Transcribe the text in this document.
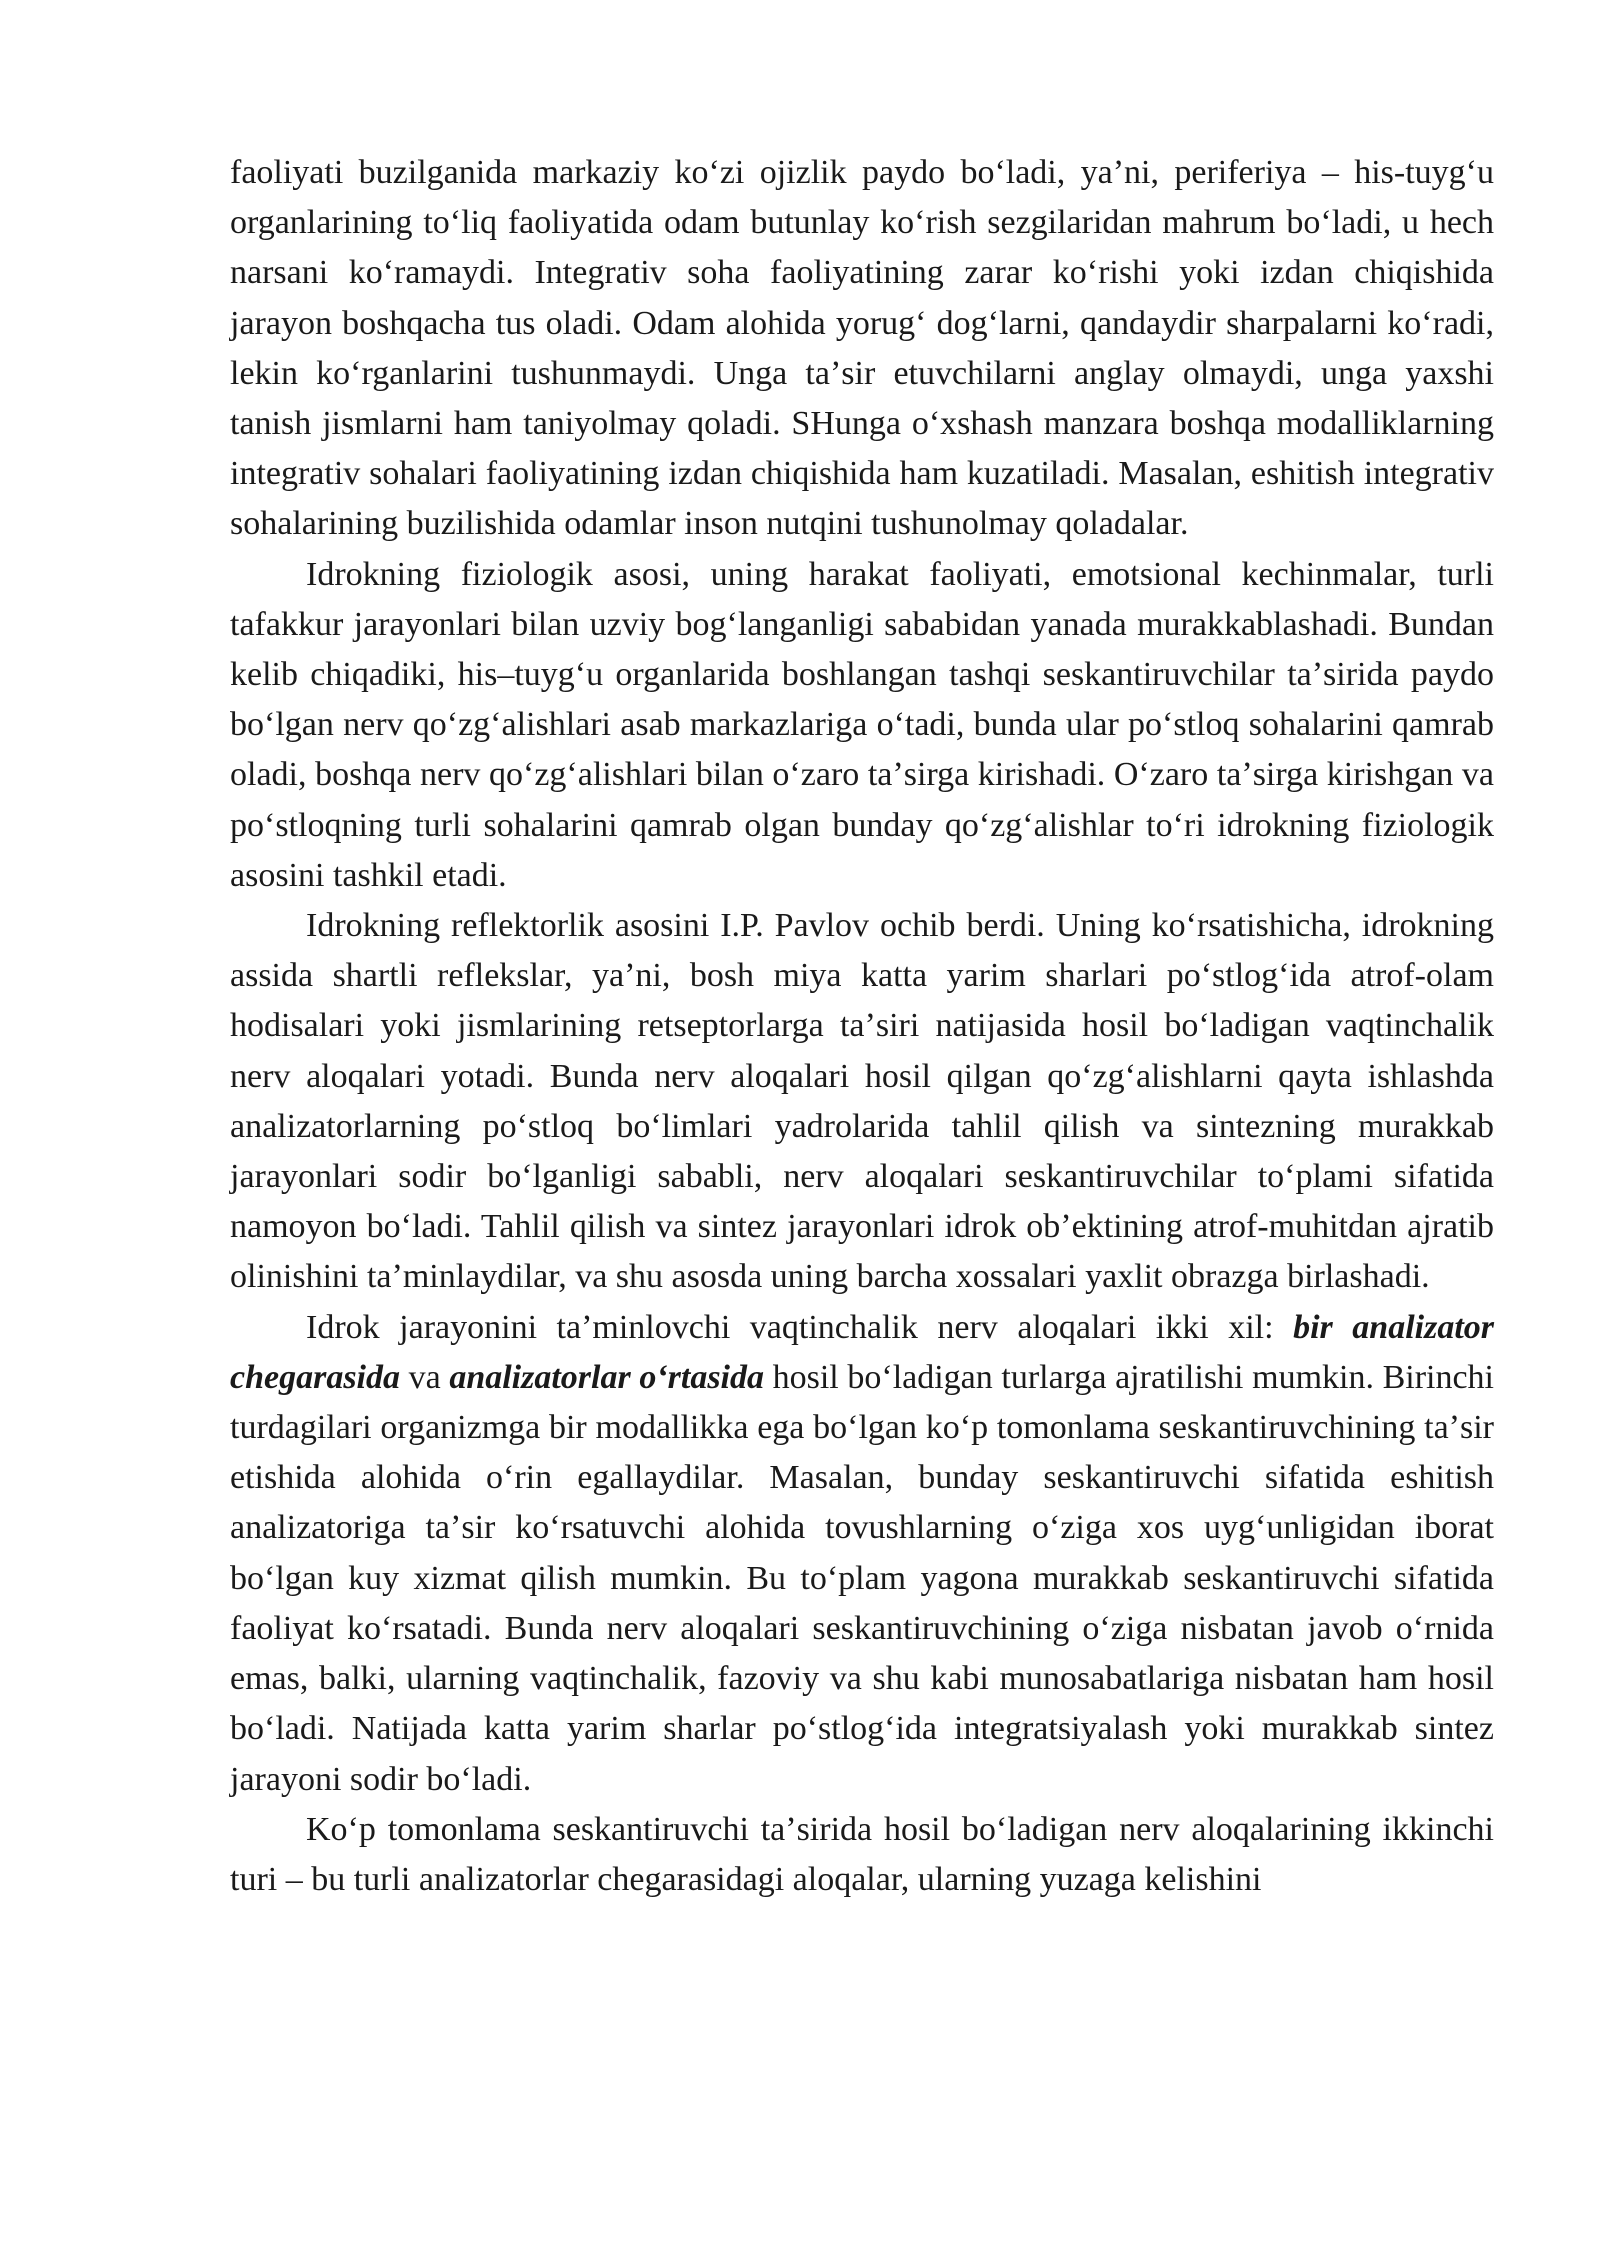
faoliyati buzilganida markaziy koʻzi ojizlik paydo boʻladi, yaʼni, periferiya – his-tuygʻu organlarining toʻliq faoliyatida odam butunlay koʻrish sezgilaridan mahrum boʻladi, u hech narsani koʻramaydi. Integrativ soha faoliyatining zarar koʻrishi yoki izdan chiqishida jarayon boshqacha tus oladi. Odam alohida yorugʻ dogʻlarni, qandaydir sharpalarni koʻradi, lekin koʻrganlarini tushunmaydi. Unga taʼsir etuvchilarni anglay olmaydi, unga yaxshi tanish jismlarni ham taniyolmay qoladi. SHunga oʻxshash manzara boshqa modalliklarning integrativ sohalari faoliyatining izdan chiqishida ham kuzatiladi. Masalan, eshitish integrativ sohalarining buzilishida odamlar inson nutqini tushunolmay qoladalar.

Idrokning fiziologik asosi, uning harakat faoliyati, emotsional kechinmalar, turli tafakkur jarayonlari bilan uzviy bogʻlanganligi sababidan yanada murakkablashadi. Bundan kelib chiqadiki, his–tuygʻu organlarida boshlangan tashqi seskantiruvchilar taʼsirida paydo boʻlgan nerv qoʻzgʻalishlari asab markazlariga oʻtadi, bunda ular poʻstloq sohalarini qamrab oladi, boshqa nerv qoʻzgʻalishlari bilan oʻzaro taʼsirga kirishadi. Oʻzaro taʼsirga kirishgan va poʻstloqning turli sohalarini qamrab olgan bunday qoʻzgʻalishlar toʻri idrokning fiziologik asosini tashkil etadi.

Idrokning reflektorlik asosini I.P. Pavlov ochib berdi. Uning koʻrsatishicha, idrokning assida shartli reflekslar, yaʼni, bosh miya katta yarim sharlari poʻstlogʻida atrof-olam hodisalari yoki jismlarining retseptorlarga taʼsiri natijasida hosil boʻladigan vaqtinchalik nerv aloqalari yotadi. Bunda nerv aloqalari hosil qilgan qoʻzgʻalishlarni qayta ishlashda analizatorlarning poʻstloq boʻlimlari yadrolarida tahlil qilish va sintezning murakkab jarayonlari sodir boʻlganligi sababli, nerv aloqalari seskantiruvchilar toʻplami sifatida namoyon boʻladi. Tahlil qilish va sintez jarayonlari idrok obʼektining atrof-muhitdan ajratib olinishini taʼminlaydilar, va shu asosda uning barcha xossalari yaxlit obrazga birlashadi.

Idrok jarayonini taʼminlovchi vaqtinchalik nerv aloqalari ikki xil: bir analizator chegarasida va analizatorlar oʻrtasida hosil boʻladigan turlarga ajratilishi mumkin. Birinchi turdagilari organizmga bir modallikka ega boʻlgan koʻp tomonlama seskantiruvchining taʼsir etishida alohida oʻrin egallaydilar. Masalan, bunday seskantiruvchi sifatida eshitish analizatoriga taʼsir koʻrsatuvchi alohida tovushlarning oʻziga xos uygʻunligidan iborat boʻlgan kuy xizmat qilish mumkin. Bu toʻplam yagona murakkab seskantiruvchi sifatida faoliyat koʻrsatadi. Bunda nerv aloqalari seskantiruvchining oʻziga nisbatan javob oʻrnida emas, balki, ularning vaqtinchalik, fazoviy va shu kabi munosabatlariga nisbatan ham hosil boʻladi. Natijada katta yarim sharlar poʻstlogʻida integratsiyalash yoki murakkab sintez jarayoni sodir boʻladi.

Koʻp tomonlama seskantiruvchi taʼsirida hosil boʻladigan nerv aloqalarining ikkinchi turi – bu turli analizatorlar chegarasidagi aloqalar, ularning yuzaga kelishini
